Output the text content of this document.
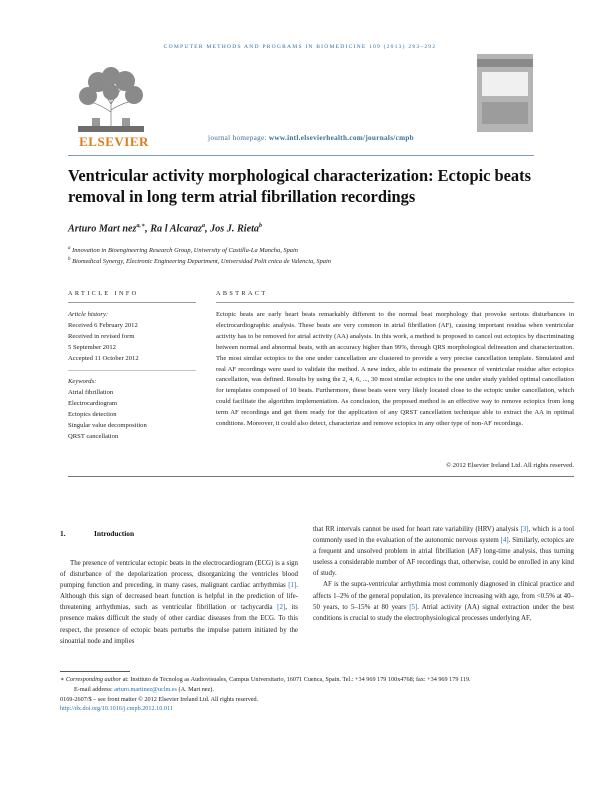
COMPUTER METHODS AND PROGRAMS IN BIOMEDICINE 109 (2013) 283–292
ELSEVIER	journal homepage: www.intl.elsevierhealth.com/journals/cmpb
Ventricular activity morphological characterization: Ectopic beats removal in long term atrial fibrillation recordings
Arturo Mart nez$^{a,∗}$, Ra l Alcaraz$^a$, Jos J. Rieta$^b$
$^a$ Innovation in Bioengineering Research Group, University of Castilla-La Mancha, Spain
$^b$ Biomedical Synergy, Electronic Engineering Department, Universidad Polit cnica de Valencia, Spain
ARTICLE INFO
Article history:
Received 6 February 2012
Received in revised form
5 September 2012
Accepted 11 October 2012
Keywords:
Atrial fibrillation
Electrocardiogram
Ectopics detection
Singular value decomposition
QRST cancellation
ABSTRACT
Ectopic beats are early heart beats remarkably different to the normal beat morphology that provoke serious disturbances in electrocardiographic analysis. These beats are very common in atrial fibrillation (AF), causing important residua when ventricular activity has to be removed for atrial activity (AA) analysis. In this work, a method is proposed to cancel out ectopics by discriminating between normal and abnormal beats, with an accuracy higher than 99%, through QRS morphological delineation and characterization. The most similar ectopics to the one under cancellation are clustered to provide a very precise cancellation template. Simulated and real AF recordings were used to validate the method. A new index, able to estimate the presence of ventricular residue after ectopics cancellation, was defined. Results by using the 2, 4, 6, ..., 30 most similar ectopics to the one under study yielded optimal cancellation for templates composed of 10 beats. Furthermore, these beats were very likely located close to the ectopic under cancellation, which could facilitate the algorithm implementation. As conclusion, the proposed method is an effective way to remove ectopics from long term AF recordings and get them ready for the application of any QRST cancellation technique able to extract the AA in optimal conditions. Moreover, it could also detect, characterize and remove ectopics in any other type of non-AF recordings.
© 2012 Elsevier Ireland Ltd. All rights reserved.
1.	Introduction

The presence of ventricular ectopic beats in the electrocardiogram (ECG) is a sign of disturbance of the depolarization process, disorganizing the ventricles blood pumping function and preceding, in many cases, malignant cardiac arrhythmias [1]. Although this sign of decreased heart function is helpful in the prediction of life-threatening arrhythmias, such as ventricular fibrillation or tachycardia [2], its presence makes difficult the study of other cardiac diseases from the ECG. To this respect, the presence of ectopic beats perturbs the impulse pattern initiated by the sinoatrial node and implies

that RR intervals cannot be used for heart rate variability (HRV) analysis [3], which is a tool commonly used in the evaluation of the autonomic nervous system [4]. Similarly, ectopics are a frequent and unsolved problem in atrial fibrillation (AF) long-time analysis, thus turning useless a considerable number of AF recordings that, otherwise, could be enrolled in any kind of study.

AF is the supra-ventricular arrhythmia most commonly diagnosed in clinical practice and affects 1–2% of the general population, its prevalence increasing with age, from <0.5% at 40–50 years, to 5–15% at 80 years [5]. Atrial activity (AA) signal extraction under the best conditions is crucial to study the electrophysiological processes underlying AF,

∗ Corresponding author at: Instituto de Tecnolog as Audiovisuales, Campus Universitario, 16071 Cuenca, Spain. Tel.: +34 969 179 100x4768; fax: +34 969 179 119.
E-mail address: arturo.martinez@uclm.es (A. Mart nez).
0169-2607/$ – see front matter © 2012 Elsevier Ireland Ltd. All rights reserved.
http://dx.doi.org/10.1016/j.cmpb.2012.10.011
